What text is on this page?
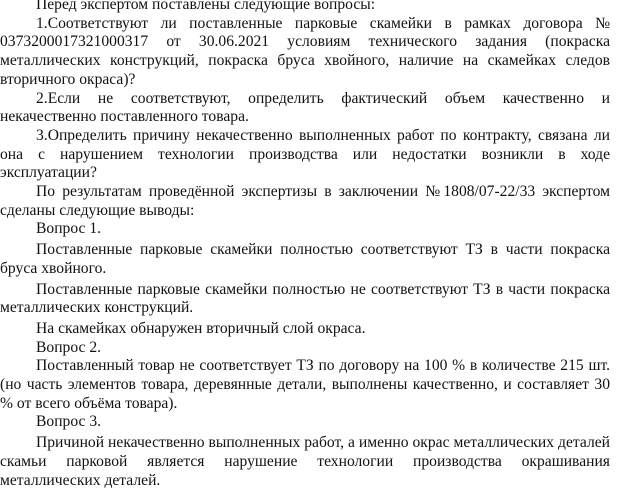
Перед экспертом поставлены следующие вопросы:

1.Соответствуют ли поставленные парковые скамейки в рамках договора № 0373200017321000317 от 30.06.2021 условиям технического задания (покраска металлических конструкций, покраска бруса хвойного, наличие на скамейках следов вторичного окраса)?

2.Если не соответствуют, определить фактический объем качественно и некачественно поставленного товара.

3.Определить причину некачественно выполненных работ по контракту, связана ли она с нарушением технологии производства или недостатки возникли в ходе эксплуатации?

По результатам проведённой экспертизы в заключении №1808/07-22/33 экспертом сделаны следующие выводы:

Вопрос 1.

Поставленные парковые скамейки полностью соответствуют ТЗ в части покраска бруса хвойного.

Поставленные парковые скамейки полностью не соответствуют ТЗ в части покраска металлических конструкций.

На скамейках обнаружен вторичный слой окраса.

Вопрос 2.

Поставленный товар не соответствует ТЗ по договору на 100 % в количестве 215 шт. (но часть элементов товара, деревянные детали, выполнены качественно, и составляет 30 % от всего объёма товара).

Вопрос 3.

Причиной некачественно выполненных работ, а именно окрас металлических деталей скамьи парковой является нарушение технологии производства окрашивания металлических деталей.
